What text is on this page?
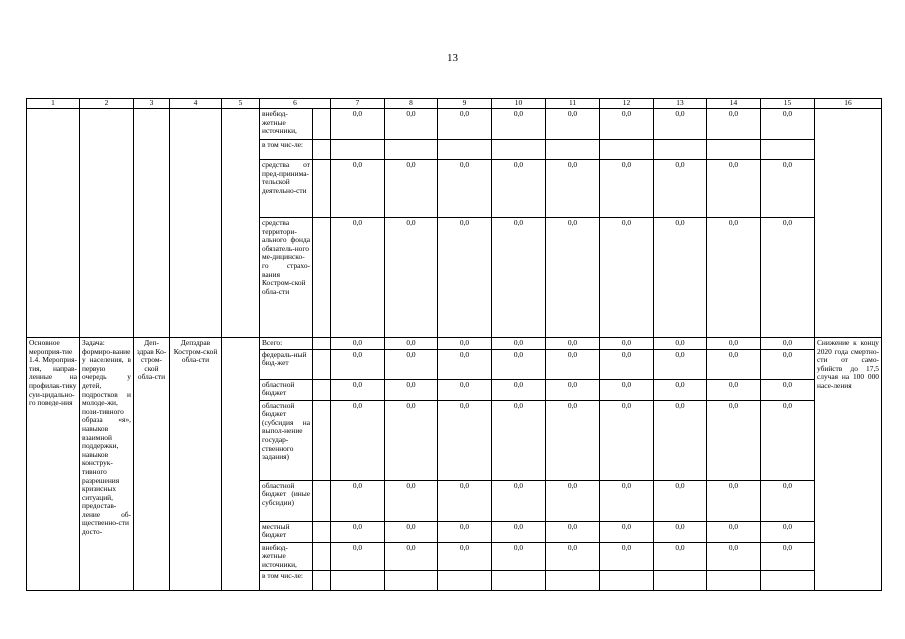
13
1	2	3	4	5	6		7	8	9	10	11	12	13	14	15	16
					внебюд-жетные источники,		0,0	0,0	0,0	0,0	0,0	0,0	0,0	0,0	0,0	
					в том чис-ле:											
					средства от пред-принима-тельской деятельно-сти		0,0	0,0	0,0	0,0	0,0	0,0	0,0	0,0	0,0	
					средства территори-ального фонда обязатель-ного ме-дицинско-го страхо-вания Костром-ской обла-сти		0,0	0,0	0,0	0,0	0,0	0,0	0,0	0,0	0,0	
Основное мероприя-тие 1.4. Мероприя-тия, направ-ленные на профилак-тику суи-цидально-го поведе-ния	Задача: формиро-вание у населения, в первую очередь у детей, подростков и молоде-жи, пози-тивного образа «я», навыков взаимной поддержки, навыков конструк-тивного разрешения кризисных ситуаций, предостав-ление об-щественно-сти досто-	Деп-здрав Ко-стром-ской обла-сти	Депздрав Костром-ской обла-сти		Всего:		0,0	0,0	0,0	0,0	0,0	0,0	0,0	0,0	0,0	Снижение к концу 2020 года смертно-сти от само-убийств до 17,5 случая на 100 000 насе-ления
					федераль-ный бюд-жет		0,0	0,0	0,0	0,0	0,0	0,0	0,0	0,0	0,0	
					областной бюджет		0,0	0,0	0,0	0,0	0,0	0,0	0,0	0,0	0,0	
					областной бюджет (субсидия на выпол-нение государ-ственного задания)		0,0	0,0	0,0	0,0	0,0	0,0	0,0	0,0	0,0	
					областной бюджет (иные субсидии)		0,0	0,0	0,0	0,0	0,0	0,0	0,0	0,0	0,0	
					местный бюджет		0,0	0,0	0,0	0,0	0,0	0,0	0,0	0,0	0,0	
					внебюд-жетные источники,		0,0	0,0	0,0	0,0	0,0	0,0	0,0	0,0	0,0	
					в том чис-ле:											
